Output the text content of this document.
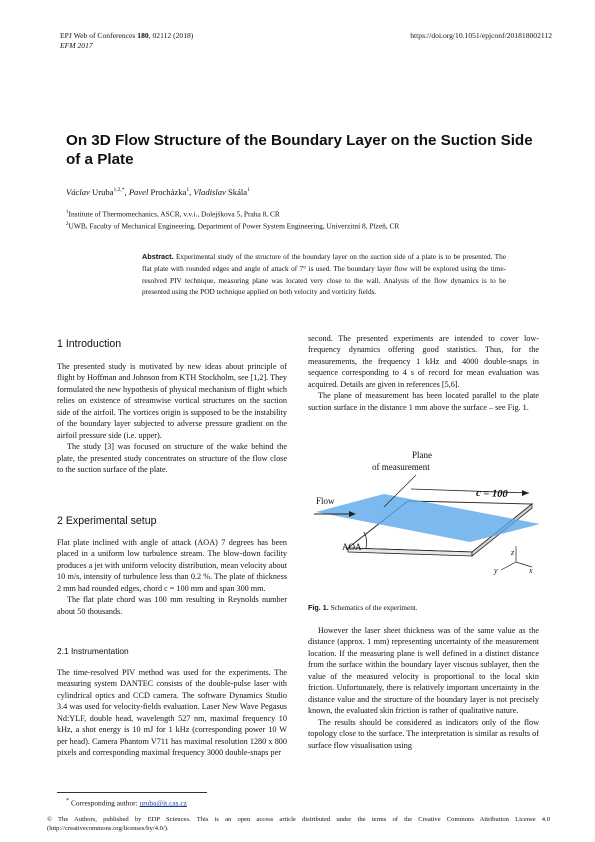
EPJ Web of Conferences 180, 02112 (2018)
EFM 2017
https://doi.org/10.1051/epjconf/201818002112
On 3D Flow Structure of the Boundary Layer on the Suction Side of a Plate
Václav Uruba$^{1,2,*}$, Pavel Procházka$^1$, Vladislav Skála$^1$
$^1$Institute of Thermomechanics, ASCR, v.v.i., Dolejškova 5, Praha 8, CR
$^2$UWB, Faculty of Mechanical Engineering, Department of Power System Engineering, Univerzitní 8, Plzeň, CR
Abstract. Experimental study of the structure of the boundary layer on the suction side of a plate is to be presented. The flat plate with rounded edges and angle of attack of 7° is used. The boundary layer flow will be explored using the time-resolved PIV technique, measuring plane was located very close to the wall. Analysis of the flow dynamics is to be presented using the POD technique applied on both velocity and vorticity fields.
1 Introduction

The presented study is motivated by new ideas about principle of flight by Hoffman and Johnson from KTH Stockholm, see [1,2]. They formulated the new hypothesis of physical mechanism of flight which relies on existence of streamwise vortical structures on the suction side of the airfoil. The vortices origin is supposed to be the instability of the boundary layer subjected to adverse pressure gradient on the airfoil pressure side (i.e. upper).

The study [3] was focused on structure of the wake behind the plate, the presented study concentrates on structure of the flow close to the suction surface of the plate.

2 Experimental setup

Flat plate inclined with angle of attack (AOA) 7 degrees has been placed in a uniform low turbulence stream. The blow-down facility produces a jet with uniform velocity distribution, mean velocity about 10 m/s, intensity of turbulence less than 0.2 %. The plate of thickness 2 mm had rounded edges, chord c = 100 mm and span 300 mm.

The flat plate chord was 100 mm resulting in Reynolds number about 50 thousands.

2.1 Instrumentation

The time-resolved PIV method was used for the experiments. The measuring system DANTEC consists of the double-pulse laser with cylindrical optics and CCD camera. The software Dynamics Studio 3.4 was used for velocity-fields evaluation. Laser New Wave Pegasus Nd:YLF, double head, wavelength 527 nm, maximal frequency 10 kHz, a shot energy is 10 mJ for 1 kHz (corresponding power 10 W per head). Camera Phantom V711 has maximal resolution 1280 x 800 pixels and corresponding maximal frequency 3000 double-snaps per

second. The presented experiments are intended to cover low-frequency dynamics offering good statistics. Thus, for the measurements, the frequency 1 kHz and 4000 double-snaps in sequence corresponding to 4 s of record for mean evaluation was acquired. Details are given in references [5,6].

The plane of measurement has been located parallel to the plate suction surface in the distance 1 mm above the surface – see Fig. 1.

Plane
of measurement
Flow
AOA
c = 100
z
y	x
Fig. 1. Schematics of the experiment.

However the laser sheet thickness was of the same value as the distance (approx. 1 mm) representing uncertainty of the measurement location. If the measuring plane is well defined in a distinct distance from the surface within the boundary layer viscous sublayer, then the value of the measured velocity is proportional to the local skin friction. Unfortunately, there is relatively important uncertainty in the distance value and the structure of the boundary layer is not precisely known, the evaluated skin friction is rather of qualitative nature.

The results should be considered as indicators only of the flow topology close to the surface. The interpretation is similar as results of surface flow visualisation using

* Corresponding author: uruba@it.cas.cz
© The Authors, published by EDP Sciences. This is an open access article distributed under the terms of the Creative Commons Attribution License 4.0 (http://creativecommons.org/licenses/by/4.0/).
